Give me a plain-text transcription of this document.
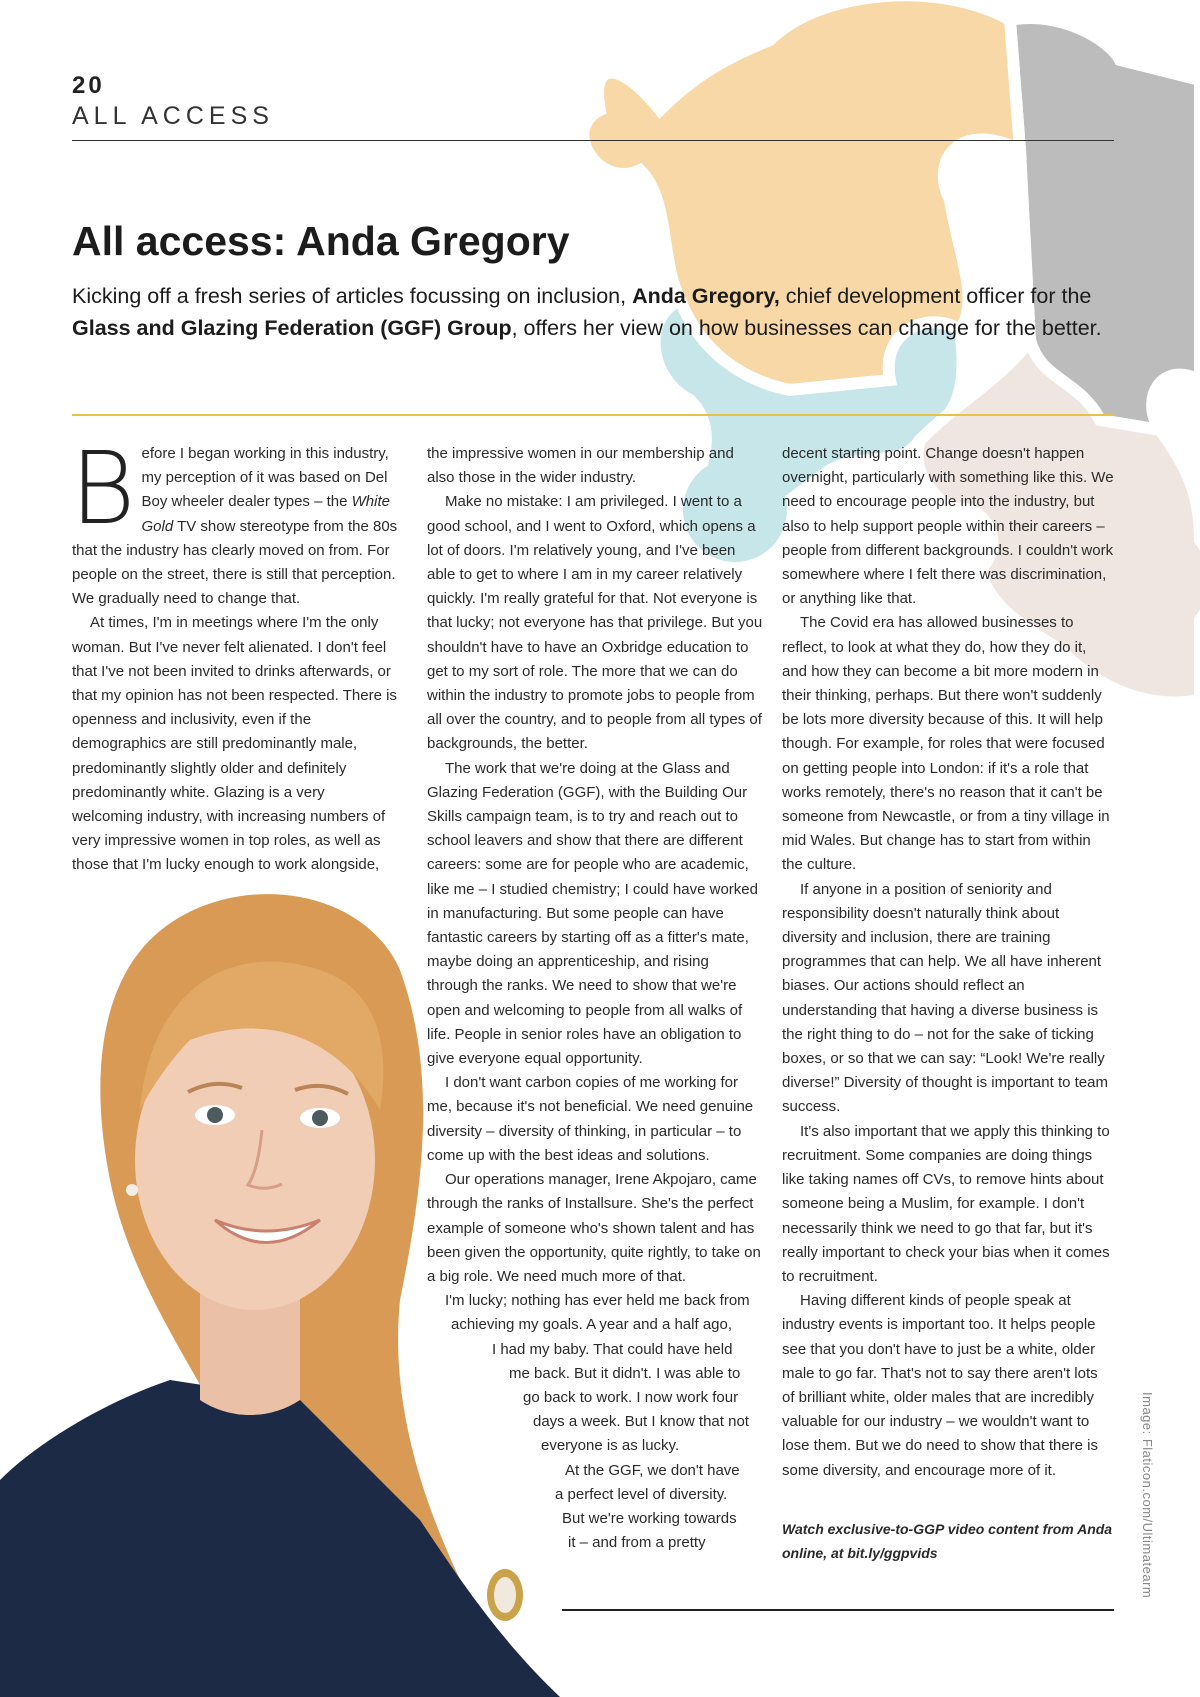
20
ALL ACCESS
All access: Anda Gregory

Kicking off a fresh series of articles focussing on inclusion, Anda Gregory, chief development officer for the Glass and Glazing Federation (GGF) Group, offers her view on how businesses can change for the better.

Before I began working in this industry, my perception of it was based on Del Boy wheeler dealer types – the White Gold TV show stereotype from the 80s that the industry has clearly moved on from. For people on the street, there is still that perception. We gradually need to change that.

At times, I'm in meetings where I'm the only woman. But I've never felt alienated. I don't feel that I've not been invited to drinks afterwards, or that my opinion has not been respected. There is openness and inclusivity, even if the demographics are still predominantly male, predominantly slightly older and definitely predominantly white. Glazing is a very welcoming industry, with increasing numbers of very impressive women in top roles, as well as those that I'm lucky enough to work alongside,

the impressive women in our membership and also those in the wider industry.

Make no mistake: I am privileged. I went to a good school, and I went to Oxford, which opens a lot of doors. I'm relatively young, and I've been able to get to where I am in my career relatively quickly. I'm really grateful for that. Not everyone is that lucky; not everyone has that privilege. But you shouldn't have to have an Oxbridge education to get to my sort of role. The more that we can do within the industry to promote jobs to people from all over the country, and to people from all types of backgrounds, the better.

The work that we're doing at the Glass and Glazing Federation (GGF), with the Building Our Skills campaign team, is to try and reach out to school leavers and show that there are different careers: some are for people who are academic, like me – I studied chemistry; I could have worked in manufacturing. But some people can have fantastic careers by starting off as a fitter's mate, maybe doing an apprenticeship, and rising through the ranks. We need to show that we're open and welcoming to people from all walks of life. People in senior roles have an obligation to give everyone equal opportunity.

I don't want carbon copies of me working for me, because it's not beneficial. We need genuine diversity – diversity of thinking, in particular – to come up with the best ideas and solutions.

Our operations manager, Irene Akpojaro, came through the ranks of Installsure. She's the perfect example of someone who's shown talent and has been given the opportunity, quite rightly, to take on a big role. We need much more of that.

I'm lucky; nothing has ever held me back from

achieving my goals. A year and a half ago,

I had my baby. That could have held

me back. But it didn't. I was able to

go back to work. I now work four

days a week. But I know that not

everyone is as lucky.

At the GGF, we don't have

a perfect level of diversity.

But we're working towards

it – and from a pretty

decent starting point. Change doesn't happen overnight, particularly with something like this. We need to encourage people into the industry, but also to help support people within their careers – people from different backgrounds. I couldn't work somewhere where I felt there was discrimination, or anything like that.

The Covid era has allowed businesses to reflect, to look at what they do, how they do it, and how they can become a bit more modern in their thinking, perhaps. But there won't suddenly be lots more diversity because of this. It will help though. For example, for roles that were focused on getting people into London: if it's a role that works remotely, there's no reason that it can't be someone from Newcastle, or from a tiny village in mid Wales. But change has to start from within the culture.

If anyone in a position of seniority and responsibility doesn't naturally think about diversity and inclusion, there are training programmes that can help. We all have inherent biases. Our actions should reflect an understanding that having a diverse business is the right thing to do – not for the sake of ticking boxes, or so that we can say: “Look! We're really diverse!” Diversity of thought is important to team success.

It's also important that we apply this thinking to recruitment. Some companies are doing things like taking names off CVs, to remove hints about someone being a Muslim, for example. I don't necessarily think we need to go that far, but it's really important to check your bias when it comes to recruitment.

Having different kinds of people speak at industry events is important too. It helps people see that you don't have to just be a white, older male to go far. That's not to say there aren't lots of brilliant white, older males that are incredibly valuable for our industry – we wouldn't want to lose them. But we do need to show that there is some diversity, and encourage more of it.

Watch exclusive-to-GGP video content from Anda online, at bit.ly/ggpvids	Image: Flaticon.com/Ultimatearm
